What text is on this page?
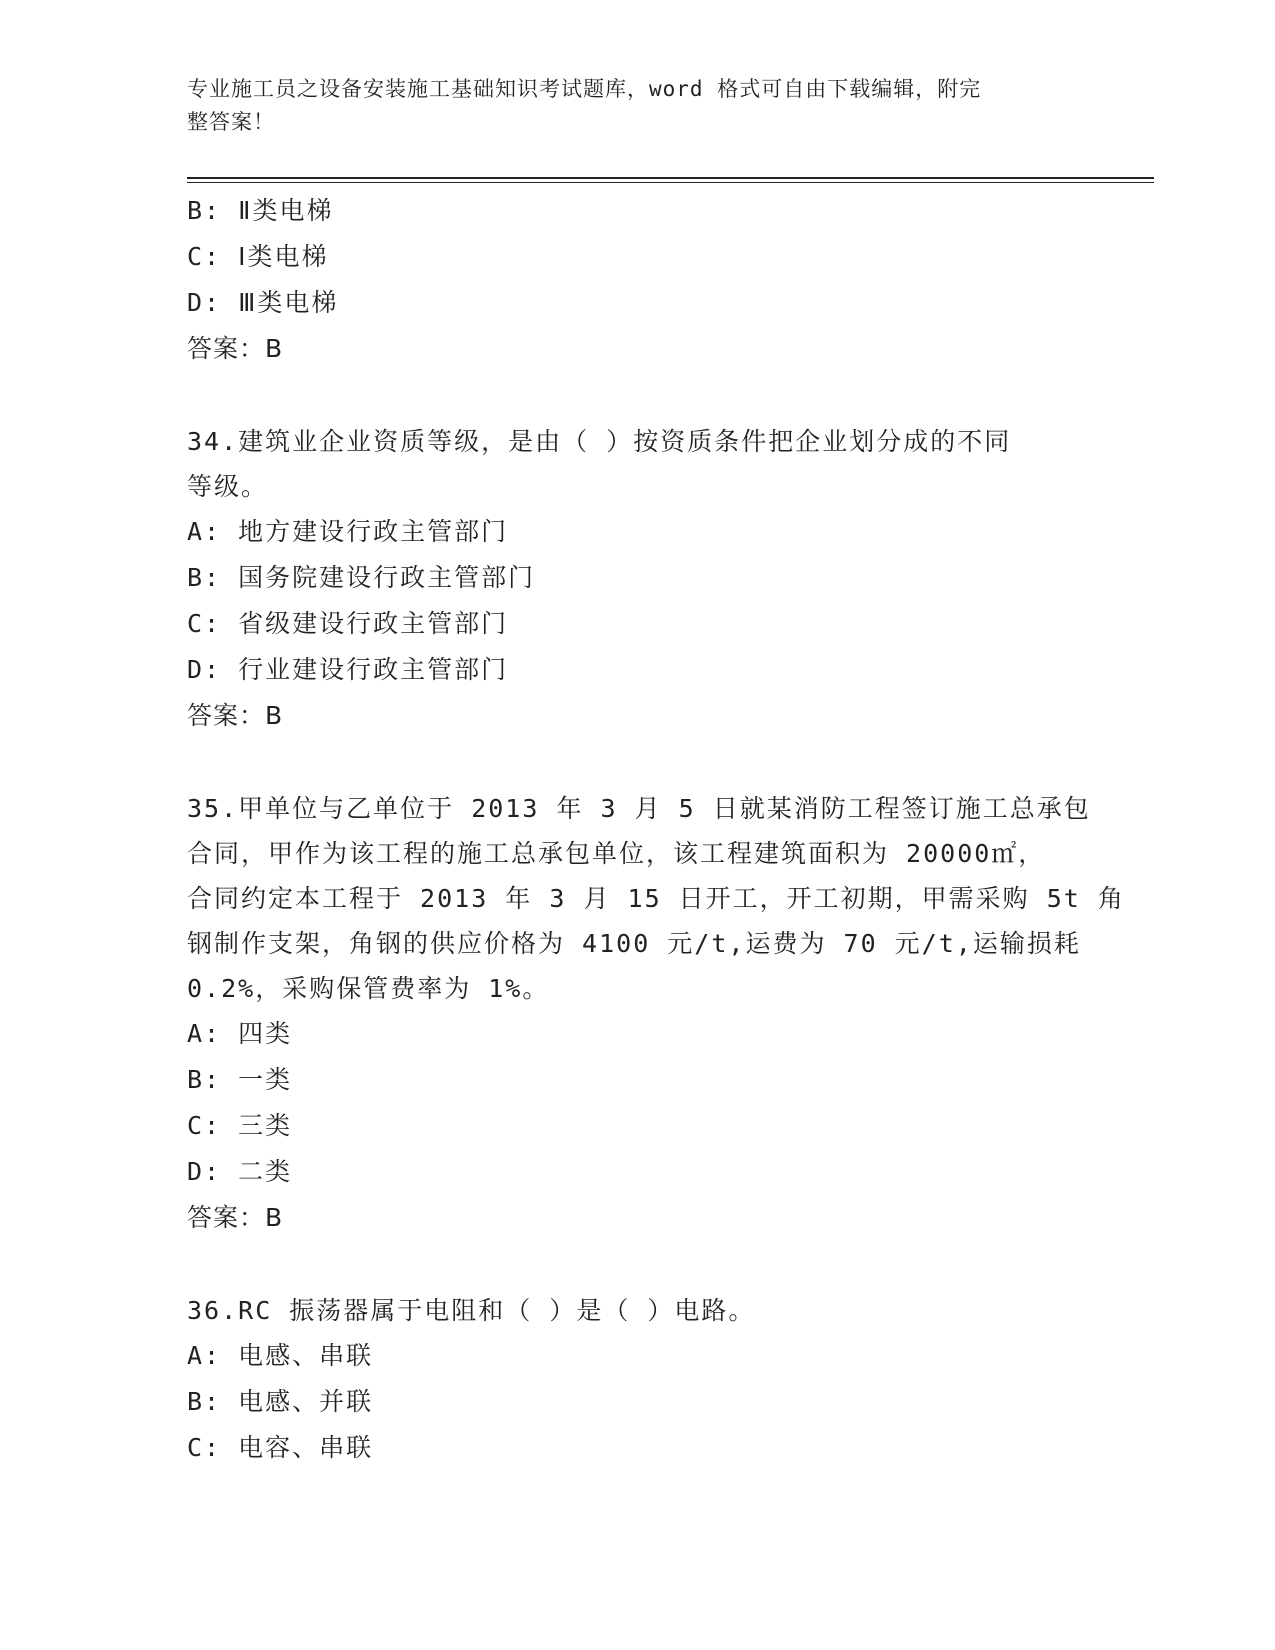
专业施工员之设备安装施工基础知识考试题库，word 格式可自由下载编辑，附完
整答案！
B: Ⅱ类电梯
C: Ⅰ类电梯
D: Ⅲ类电梯
答案：B
34.建筑业企业资质等级，是由（ ）按资质条件把企业划分成的不同
等级。
A: 地方建设行政主管部门
B: 国务院建设行政主管部门
C: 省级建设行政主管部门
D: 行业建设行政主管部门
答案：B
35.甲单位与乙单位于 2013 年 3 月 5 日就某消防工程签订施工总承包
合同，甲作为该工程的施工总承包单位，该工程建筑面积为 20000㎡，
合同约定本工程于 2013 年 3 月 15 日开工，开工初期，甲需采购 5t 角
钢制作支架，角钢的供应价格为 4100 元/t,运费为 70 元/t,运输损耗
0.2%，采购保管费率为 1%。
A: 四类
B: 一类
C: 三类
D: 二类
答案：B
36.RC 振荡器属于电阻和（ ）是（ ）电路。
A: 电感、串联
B: 电感、并联
C: 电容、串联
